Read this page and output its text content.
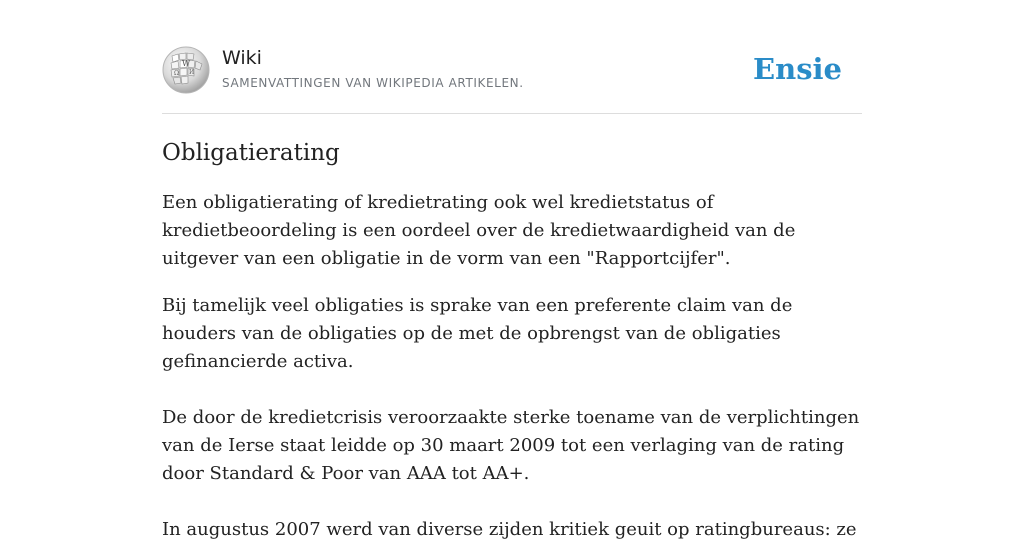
W
Ω И
Wiki
SAMENVATTINGEN VAN WIKIPEDIA ARTIKELEN.	Ensie
Obligatierating

Een obligatierating of kredietrating ook wel kredietstatus of kredietbeoordeling is een oordeel over de kredietwaardigheid van de uitgever van een obligatie in de vorm van een "Rapportcijfer".

Bij tamelijk veel obligaties is sprake van een preferente claim van de houders van de obligaties op de met de opbrengst van de obligaties gefinancierde activa.

De door de kredietcrisis veroorzaakte sterke toename van de verplichtingen van de Ierse staat leidde op 30 maart 2009 tot een verlaging van de rating door Standard & Poor van AAA tot AA+.

In augustus 2007 werd van diverse zijden kritiek geuit op ratingbureaus: ze
